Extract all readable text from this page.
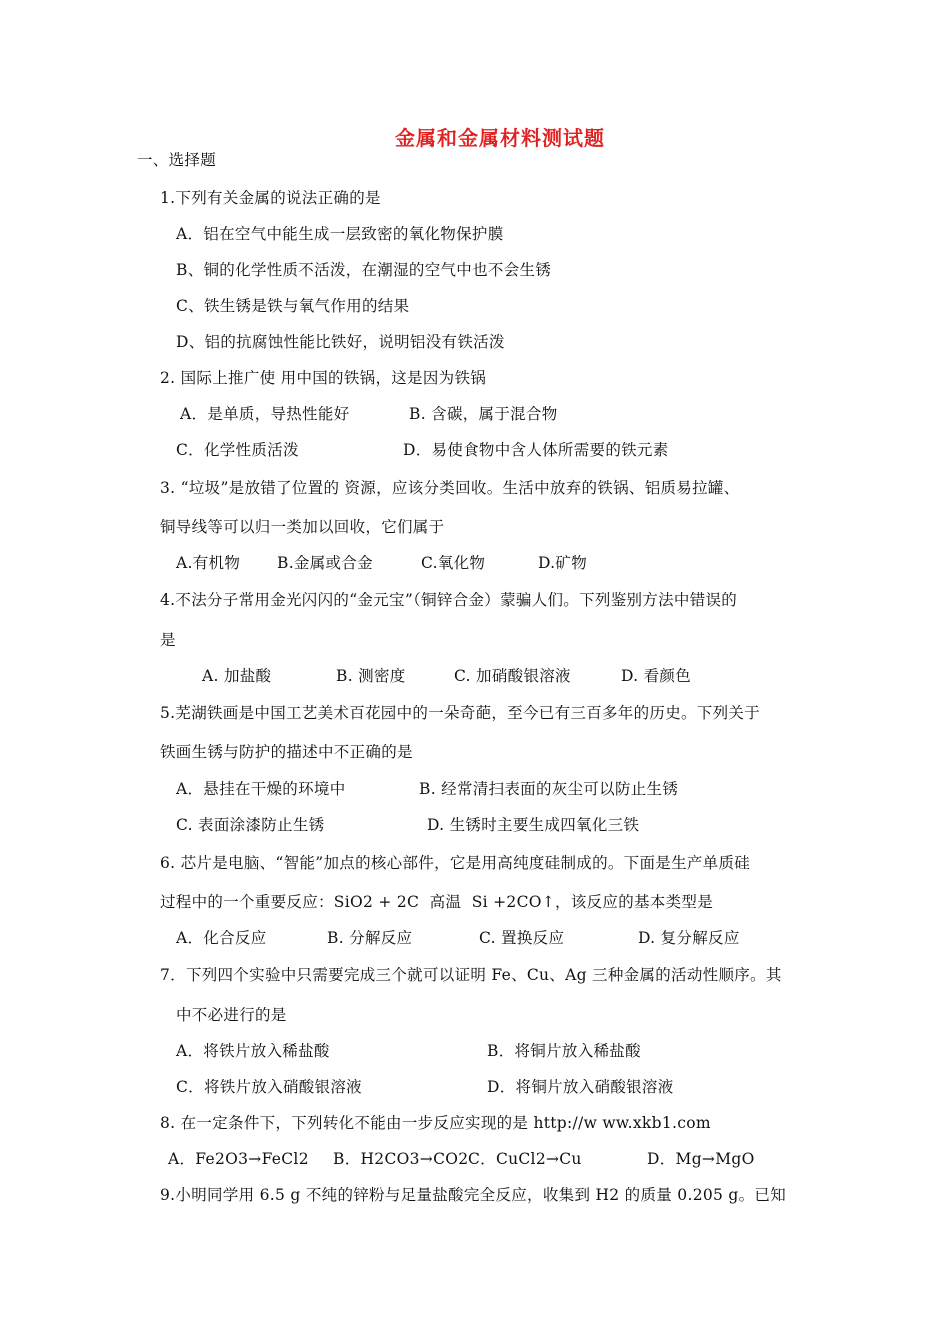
金属和金属材料测试题
一、选择题
1.下列有关金属的说法正确的是
A．铝在空气中能生成一层致密的氧化物保护膜
B、铜的化学性质不活泼，在潮湿的空气中也不会生锈
C、铁生锈是铁与氧气作用的结果
D、铝的抗腐蚀性能比铁好，说明铝没有铁活泼
2. 国际上推广使 用中国的铁锅，这是因为铁锅
A．是单质，导热性能好	B. 含碳，属于混合物
C．化学性质活泼	D．易使食物中含人体所需要的铁元素
3. “垃圾”是放错了位置的 资源，应该分类回收。生活中放弃的铁锅、铝质易拉罐、
铜导线等可以归一类加以回收，它们属于
A.有机物 B.金属或合金	C.氧化物	D.矿物
4.不法分子常用金光闪闪的“金元宝”（铜锌合金）蒙骗人们。下列鉴别方法中错误的
是
A. 加盐酸	B. 测密度	C. 加硝酸银溶液	D. 看颜色
5.芜湖铁画是中国工艺美术百花园中的一朵奇葩，至今已有三百多年的历史。下列关于
铁画生锈与防护的描述中不正确的是
A．悬挂在干燥的环境中	B. 经常清扫表面的灰尘可以防止生锈
C. 表面涂漆防止生锈	D. 生锈时主要生成四氧化三铁
6. 芯片是电脑、“智能”加点的核心部件，它是用高纯度硅制成的。下面是生产单质硅
过程中的一个重要反应：SiO2 + 2C  高温  Si +2CO↑，该反应的基本类型是
A．化合反应	B. 分解反应	C. 置换反应	D. 复分解反应
7．下列四个实验中只需要完成三个就可以证明 Fe、Cu、Ag 三种金属的活动性顺序。其
中不必进行的是
A．将铁片放入稀盐酸	B．将铜片放入稀盐酸
C．将铁片放入硝酸银溶液	D．将铜片放入硝酸银溶液
8. 在一定条件下，下列转化不能由一步反应实现的是 http://w ww.xkb1.com
A．Fe2O3→FeCl2 B．H2CO3→CO2 C．CuCl2→Cu	D．Mg→MgO
9.小明同学用 6.5 g 不纯的锌粉与足量盐酸完全反应，收集到 H2 的质量 0.205 g。已知
